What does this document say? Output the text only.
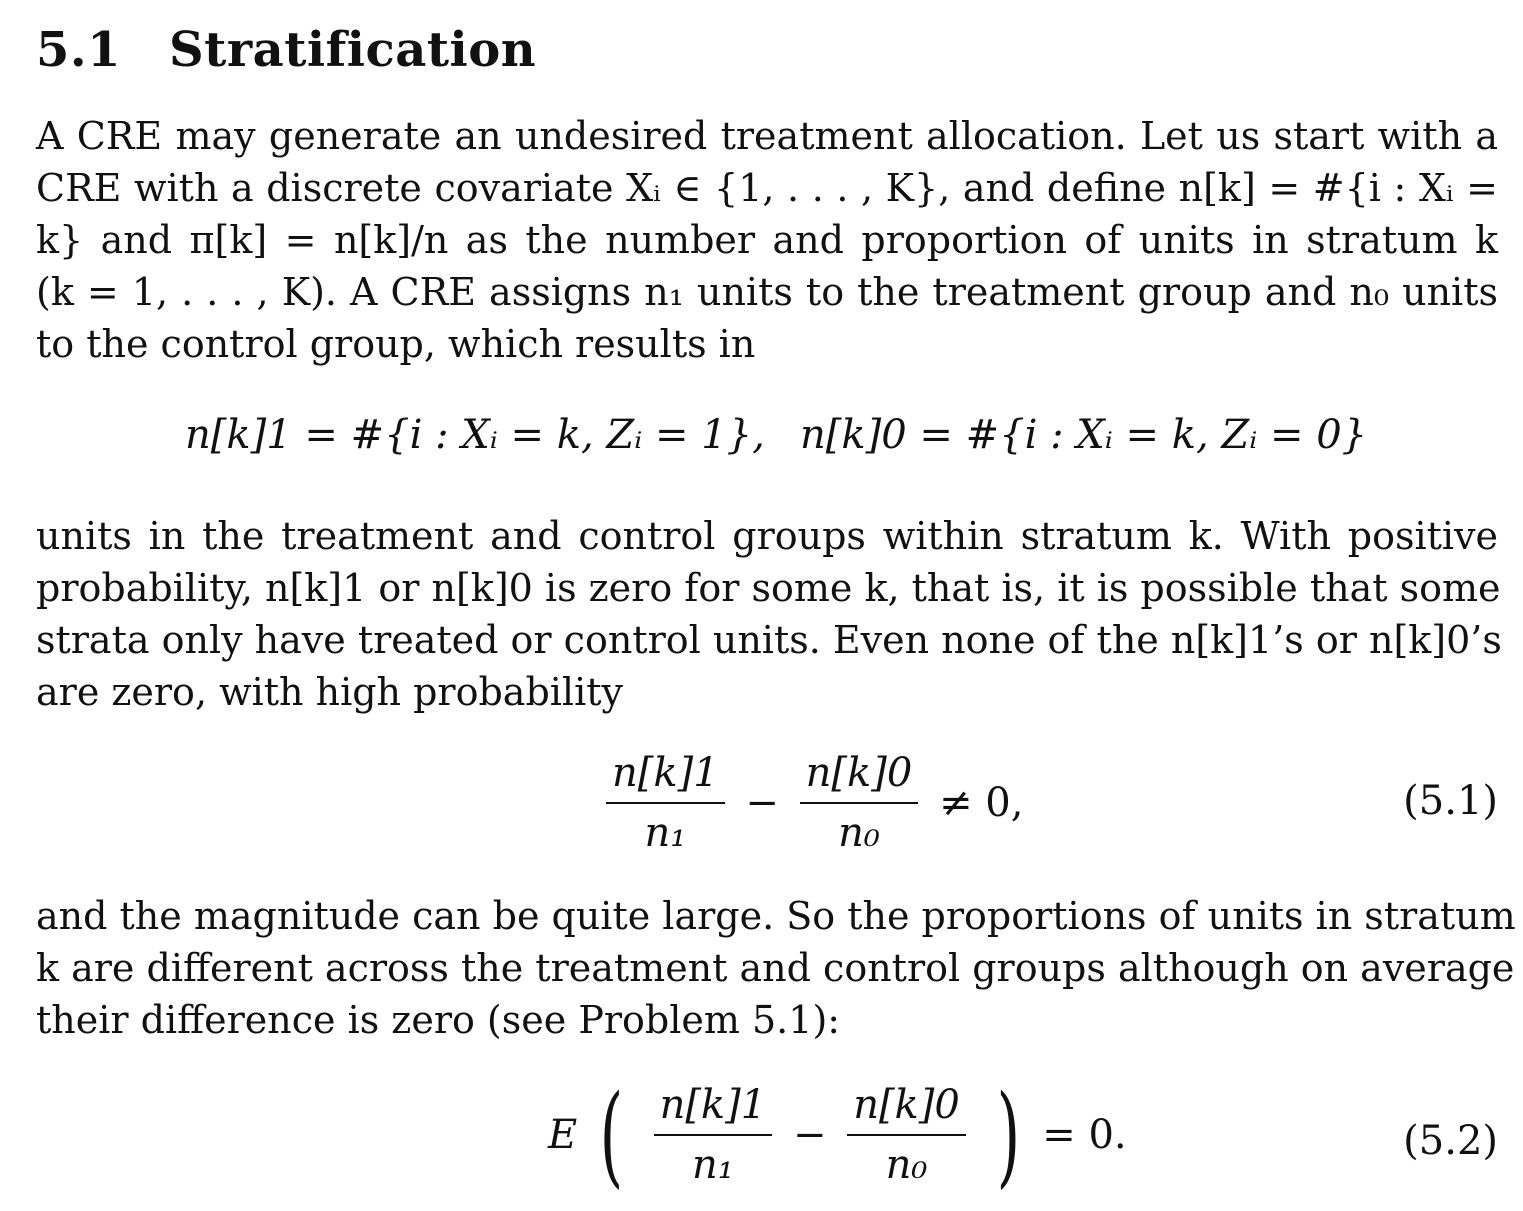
5.1 Stratification
A CRE may generate an undesired treatment allocation. Let us start with a
CRE with a discrete covariate Xᵢ ∈ {1, . . . , K}, and define n[k] = #{i : Xᵢ =
k} and π[k] = n[k]/n as the number and proportion of units in stratum k
(k = 1, . . . , K). A CRE assigns n₁ units to the treatment group and n₀ units
to the control group, which results in
n[k]1 = #{i : Xᵢ = k, Zᵢ = 1}, n[k]0 = #{i : Xᵢ = k, Zᵢ = 0}
units in the treatment and control groups within stratum k. With positive
probability, n[k]1 or n[k]0 is zero for some k, that is, it is possible that some
strata only have treated or control units. Even none of the n[k]1’s or n[k]0’s
are zero, with high probability
$\frac{n[k]1}{\text{n₁}} - \frac{n[k]0}{\text{n₀}} \ne 0$,	(5.1)
and the magnitude can be quite large. So the proportions of units in stratum
k are different across the treatment and control groups although on average
their difference is zero (see Problem 5.1):
E ( $\frac{n[k]1}{\text{n₁}} - \frac{n[k]0}{\text{n₀}}$ ) = 0.	(5.2)
